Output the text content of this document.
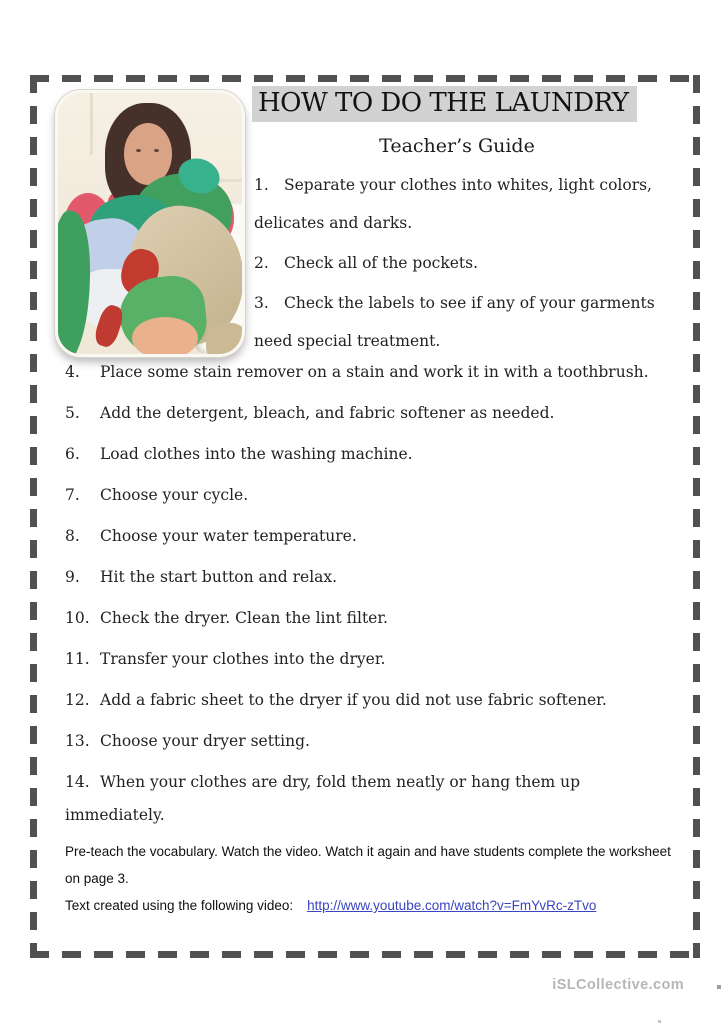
HOW TO DO THE LAUNDRY
Teacher’s Guide

1. Separate your clothes into whites, light colors,
delicates and darks.

2. Check all of the pockets.

3. Check the labels to see if any of your garments
need special treatment.

4. Place some stain remover on a stain and work it in with a toothbrush.

5. Add the detergent, bleach, and fabric softener as needed.

6. Load clothes into the washing machine.

7. Choose your cycle.

8. Choose your water temperature.

9. Hit the start button and relax.

10. Check the dryer. Clean the lint filter.

11. Transfer your clothes into the dryer.

12. Add a fabric sheet to the dryer if you did not use fabric softener.

13. Choose your dryer setting.

14. When your clothes are dry, fold them neatly or hang them up
immediately.

Pre-teach the vocabulary. Watch the video. Watch it again and have students complete the worksheet
on page 3.
Text created using the following video: http://www.youtube.com/watch?v=FmYvRc-zTvo
iSLCollective.com
